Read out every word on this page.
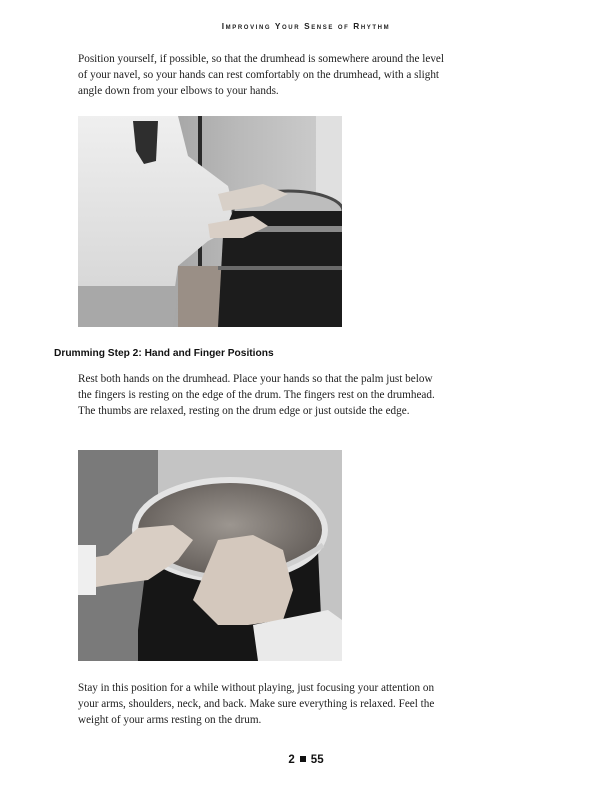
Improving Your Sense of Rhythm

Position yourself, if possible, so that the drumhead is somewhere around the level of your navel, so your hands can rest comfortably on the drumhead, with a slight angle down from your elbows to your hands.

Drumming Step 2: Hand and Finger Positions

Rest both hands on the drumhead. Place your hands so that the palm just below the fingers is resting on the edge of the drum. The fingers rest on the drumhead. The thumbs are relaxed, resting on the drum edge or just outside the edge.

Stay in this position for a while without playing, just focusing your attention on your arms, shoulders, neck, and back. Make sure everything is relaxed. Feel the weight of your arms resting on the drum.

2 55
